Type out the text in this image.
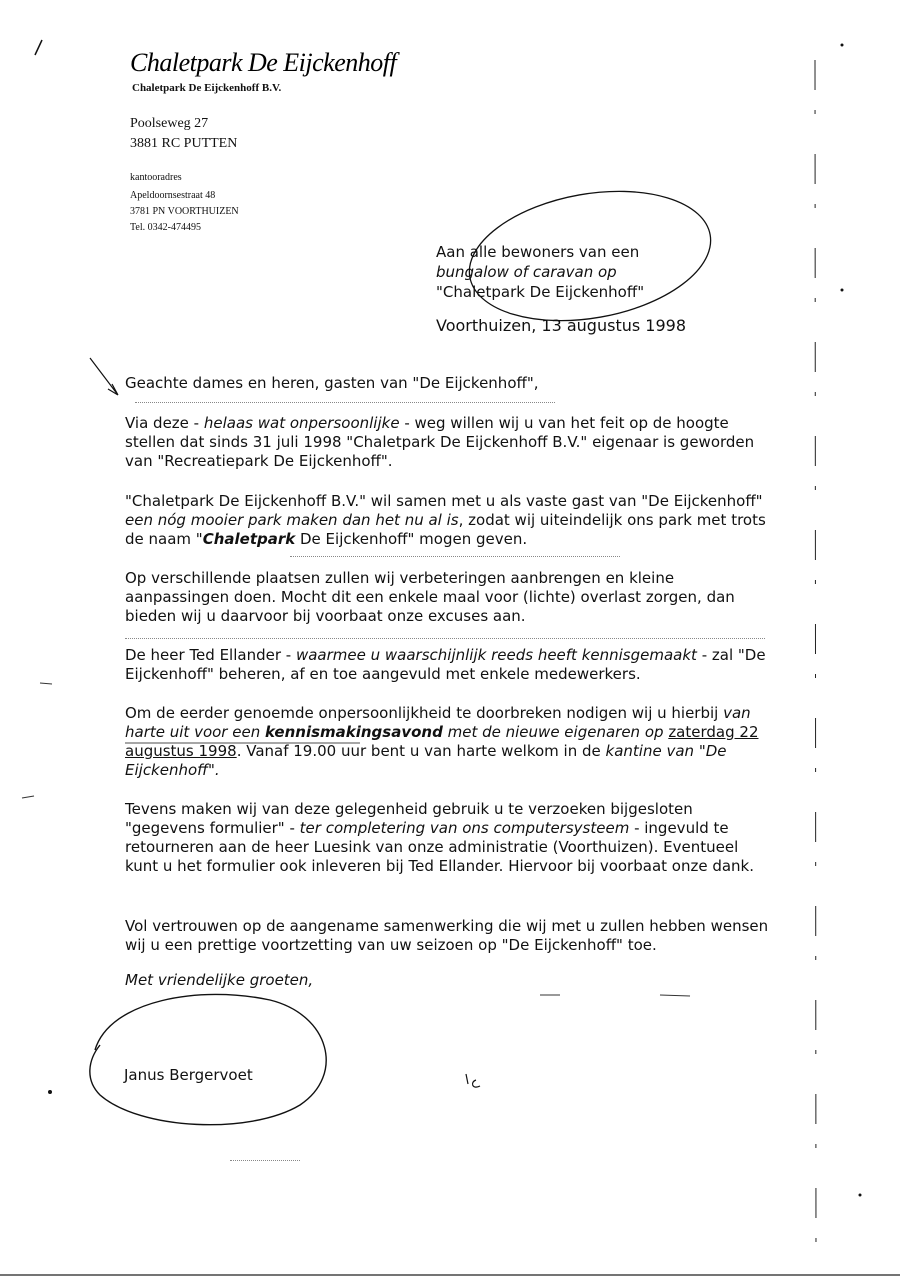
Chaletpark De Eijckenhoff
Chaletpark De Eijckenhoff B.V.
Poolseweg 27
3881 RC PUTTEN
kantooradres
Apeldoornsestraat 48
3781 PN VOORTHUIZEN
Tel. 0342-474495
Aan alle bewoners van een
bungalow of caravan op
"Chaletpark De Eijckenhoff"
Voorthuizen, 13 augustus 1998
Geachte dames en heren, gasten van "De Eijckenhoff",

Via deze - helaas wat onpersoonlijke - weg willen wij u van het feit op de hoogte stellen dat sinds 31 juli 1998 "Chaletpark De Eijckenhoff B.V." eigenaar is geworden van "Recreatiepark De Eijckenhoff".

"Chaletpark De Eijckenhoff B.V." wil samen met u als vaste gast van "De Eijckenhoff" een nóg mooier park maken dan het nu al is, zodat wij uiteindelijk ons park met trots de naam "Chaletpark De Eijckenhoff" mogen geven.

Op verschillende plaatsen zullen wij verbeteringen aanbrengen en kleine aanpassingen doen. Mocht dit een enkele maal voor (lichte) overlast zorgen, dan bieden wij u daarvoor bij voorbaat onze excuses aan.

De heer Ted Ellander - waarmee u waarschijnlijk reeds heeft kennisgemaakt - zal "De Eijckenhoff" beheren, af en toe aangevuld met enkele medewerkers.

Om de eerder genoemde onpersoonlijkheid te doorbreken nodigen wij u hierbij van harte uit voor een kennismakingsavond met de nieuwe eigenaren op zaterdag 22 augustus 1998. Vanaf 19.00 uur bent u van harte welkom in de kantine van "De Eijckenhoff".

Tevens maken wij van deze gelegenheid gebruik u te verzoeken bijgesloten "gegevens formulier" - ter completering van ons computersysteem - ingevuld te retourneren aan de heer Luesink van onze administratie (Voorthuizen). Eventueel kunt u het formulier ook inleveren bij Ted Ellander. Hiervoor bij voorbaat onze dank.

Vol vertrouwen op de aangename samenwerking die wij met u zullen hebben wensen wij u een prettige voortzetting van uw seizoen op "De Eijckenhoff" toe.

Met vriendelijke groeten,
Janus Bergervoet
